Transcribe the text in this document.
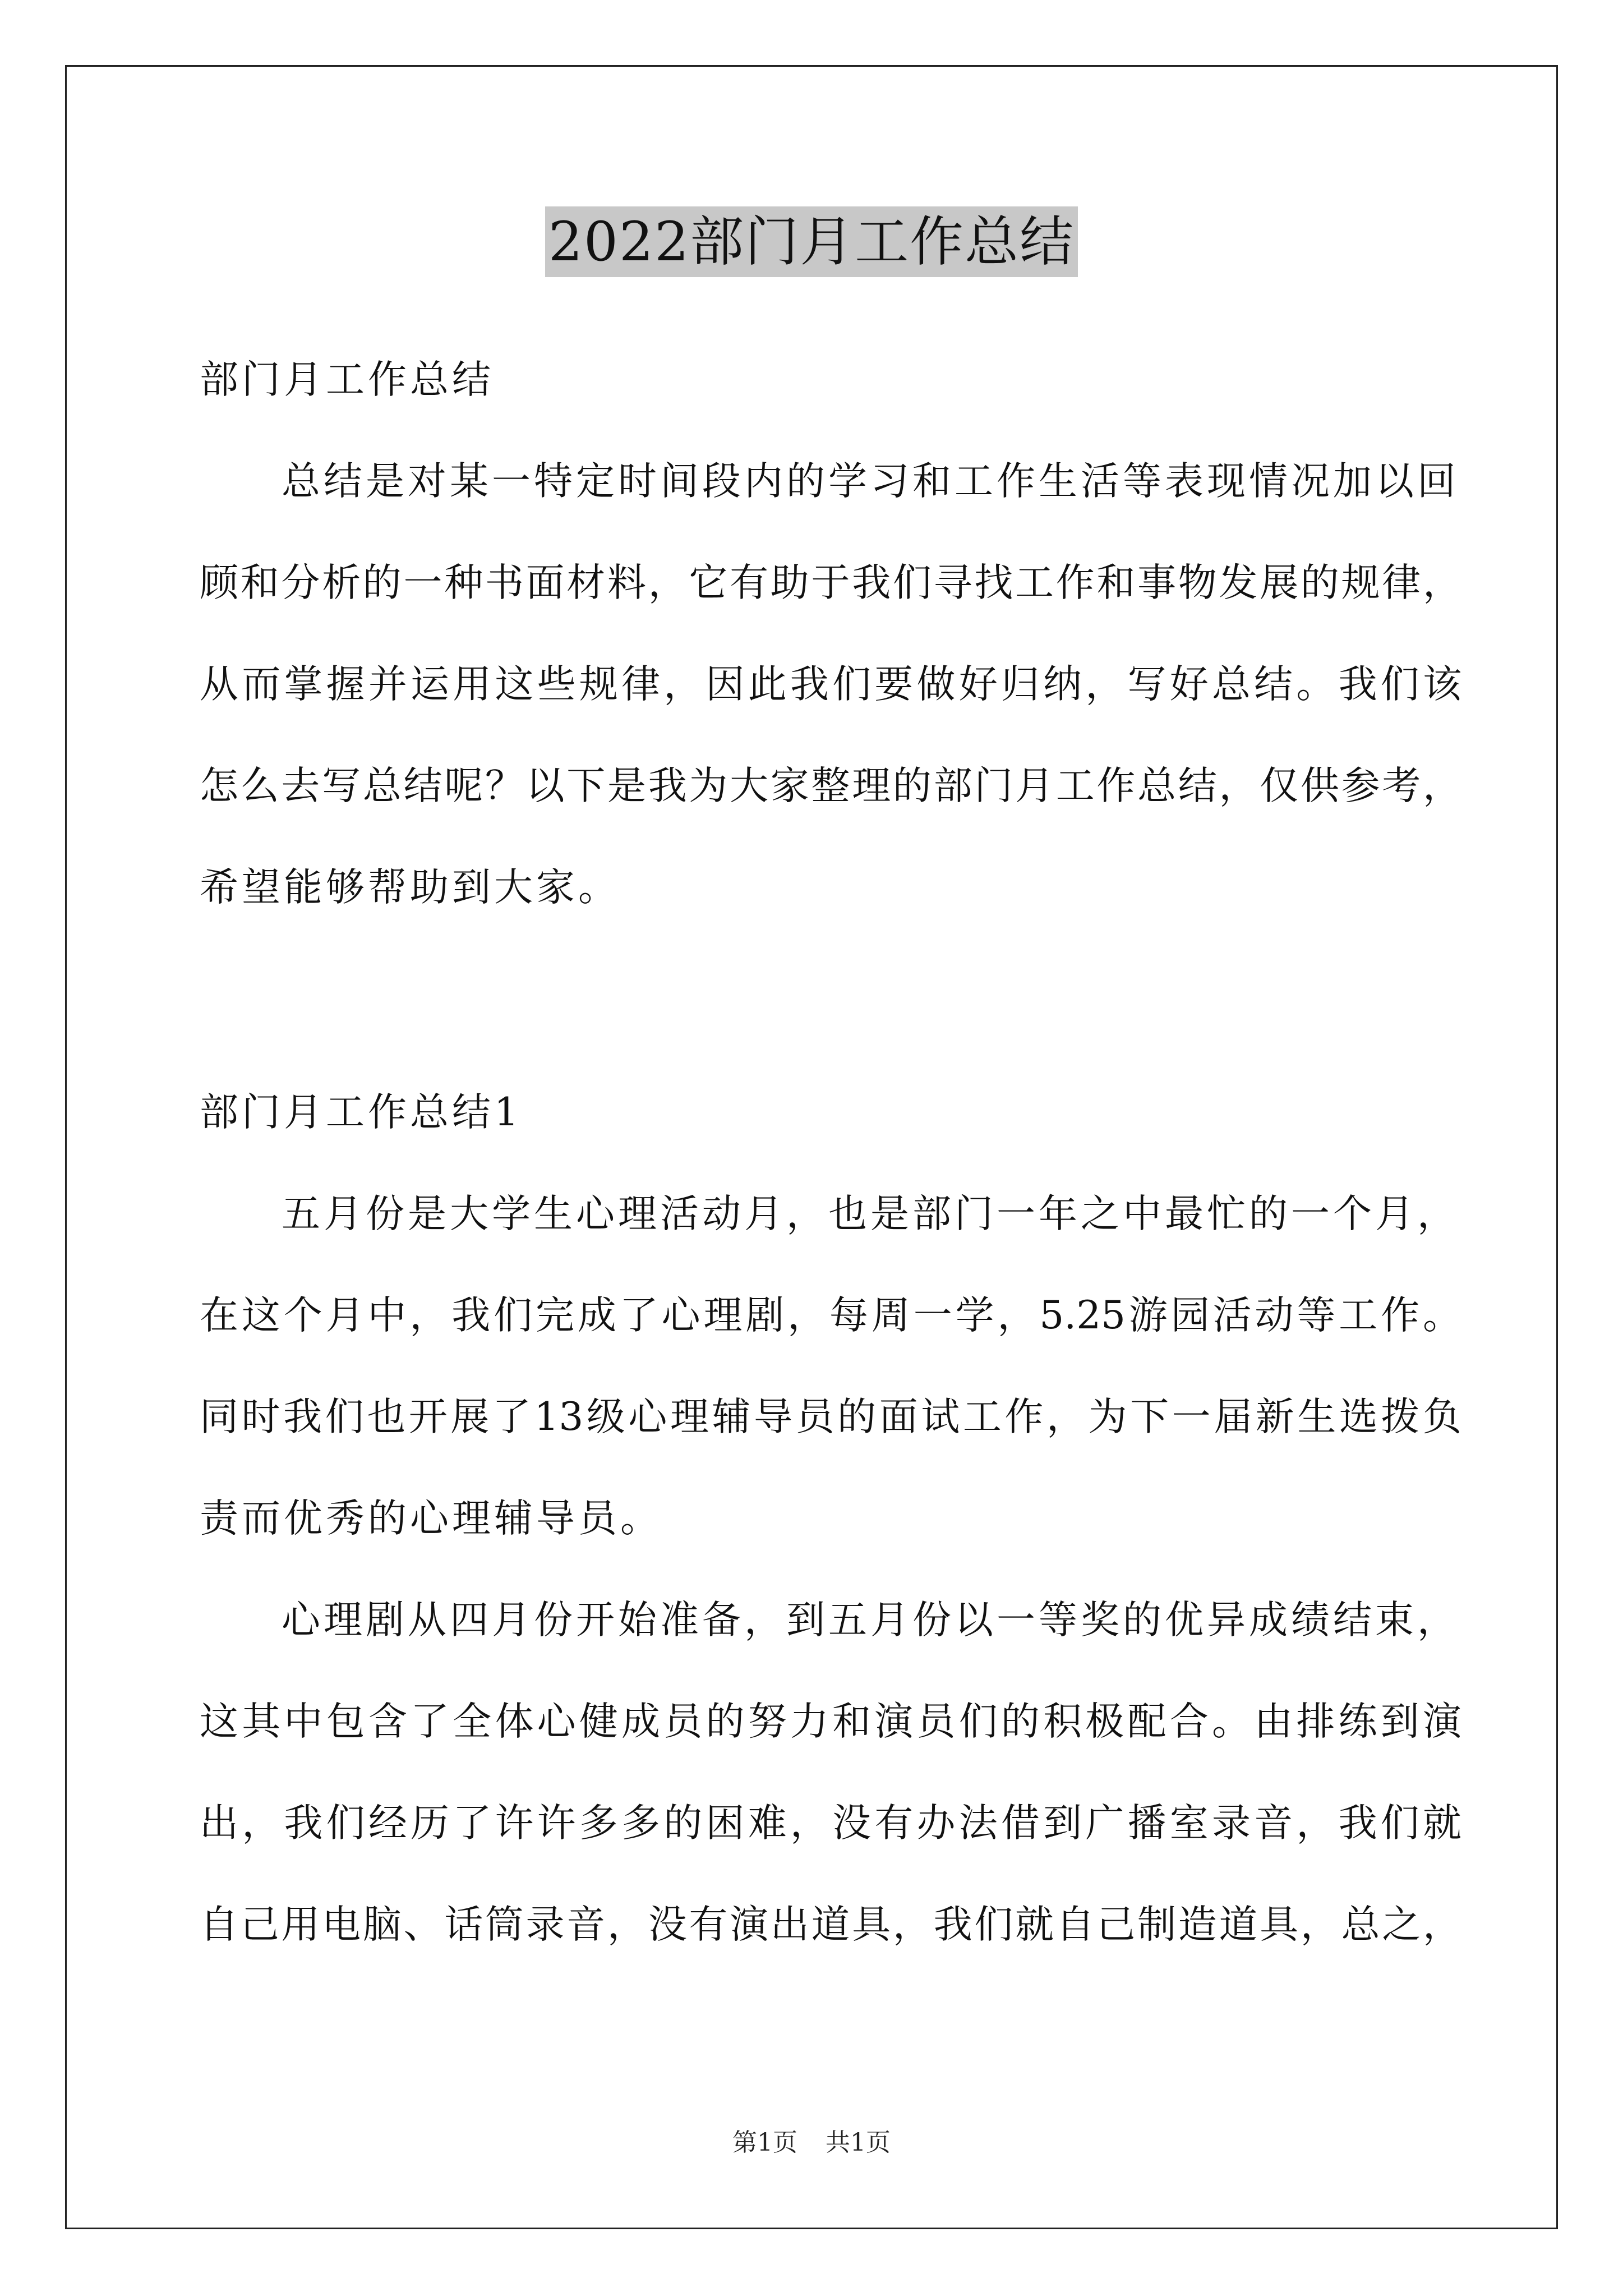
2022部门月工作总结
部门月工作总结
总结是对某一特定时间段内的学习和工作生活等表现情况加以回
顾和分析的一种书面材料，它有助于我们寻找工作和事物发展的规律，
从而掌握并运用这些规律，因此我们要做好归纳，写好总结。我们该
怎么去写总结呢？以下是我为大家整理的部门月工作总结，仅供参考，
希望能够帮助到大家。
部门月工作总结1
五月份是大学生心理活动月，也是部门一年之中最忙的一个月，
在这个月中，我们完成了心理剧，每周一学，5.25游园活动等工作。
同时我们也开展了13级心理辅导员的面试工作，为下一届新生选拨负
责而优秀的心理辅导员。
心理剧从四月份开始准备，到五月份以一等奖的优异成绩结束，
这其中包含了全体心健成员的努力和演员们的积极配合。由排练到演
出，我们经历了许许多多的困难，没有办法借到广播室录音，我们就
自己用电脑、话筒录音，没有演出道具，我们就自己制造道具，总之，
第1页 共1页
